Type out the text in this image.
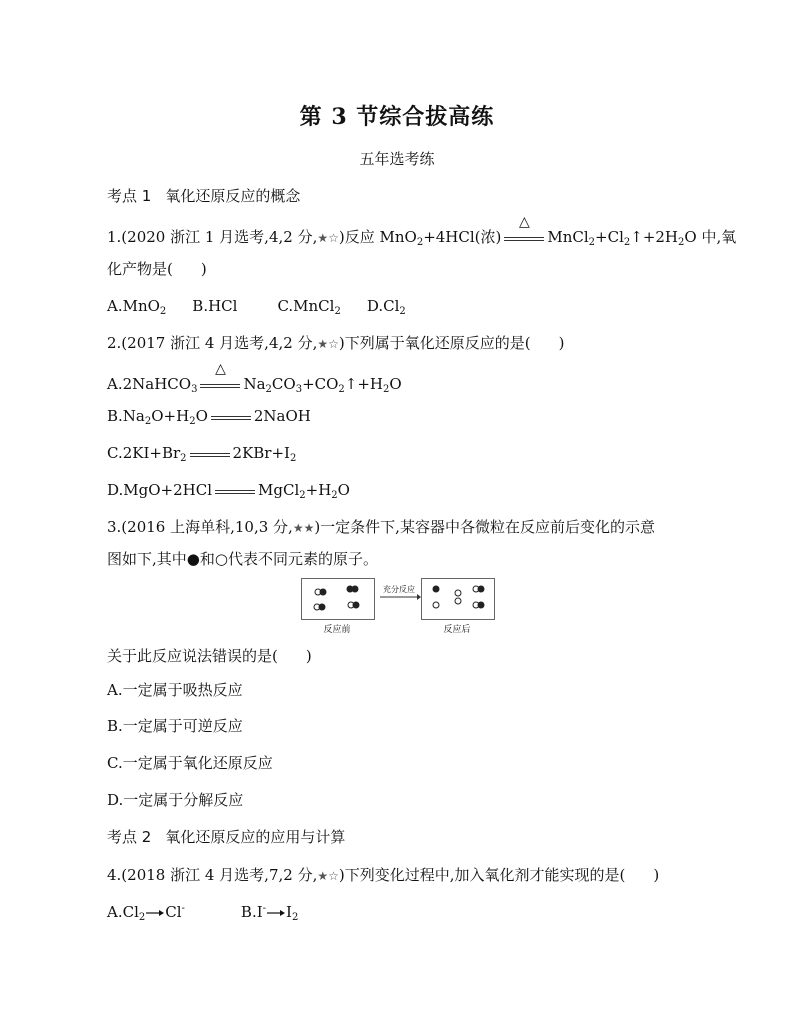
第 3 节综合拔高练
五年选考练
考点 1 氧化还原反应的概念
1.(2020 浙江 1 月选考,4,2 分,★☆)反应 MnO$_2$+4HCl(浓)
△
$MnCl_2+Cl_2↑+2H_2O$ 中,氧
化产物是( )
A.MnO$_2$ B.HCl	C.MnCl$_2$ $D.Cl_2$
2.(2017 浙江 4 月选考,4,2 分,★☆)下列属于氧化还原反应的是( )
A.2NaHCO$_3$
△
$Na_2CO_3+CO_2↑+H_2O$
$B.Na_2O+H_2O$	2NaOH
$C.2KI+Br_2$	$2KBr+I_2$
D.MgO+2HCl	$MgCl_2+H_2O$
3.(2016 上海单科,10,3 分,★★)一定条件下,某容器中各微粒在反应前后变化的示意
图如下,其中●和○代表不同元素的原子。
反应前
充分反应
反应后
关于此反应说法错误的是( )
A.一定属于吸热反应
B.一定属于可逆反应
C.一定属于氧化还原反应
D.一定属于分解反应
考点 2 氧化还原反应的应用与计算
4.(2018 浙江 4 月选考,7,2 分,★☆)下列变化过程中,加入氧化剂才能实现的是( )
$A.Cl_2$ Cl-	B.I- $I_2$
